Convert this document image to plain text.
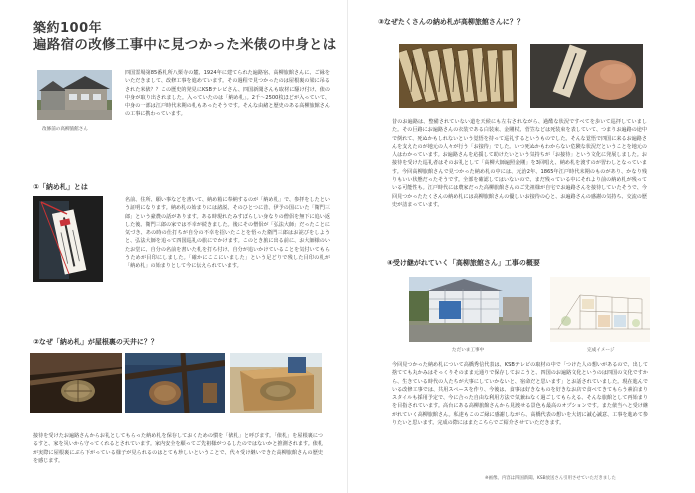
築約100年
遍路宿の改修工事中に見つかった米俵の中身とは
改修前の高柳旅館さん
四国霊場第85番札所八栗寺の麓、1924年に建てられた遍路宿、高柳旅館さんに、ご縁をいただきまして、改修工事を進めています。その過程で見つかったのは屋根裏の梁に吊るされた米俵？？この歴史的発見にKSBテレビさん、四国新聞さんも取材に駆け付け、俵の中身が取り出されました。入っていたのは「納め札」。2千〜2500枚ほどが入っていて、中身の一部は江戸時代末期の札もあったそうです。そんな由緒と歴史のある高柳旅館さんの工事に携わっています。
①「納め札」とは
名前、住所、願い事などを書いて、納め箱に奉納するのが「納め札」で、参拝をしたという証明になります。納め札の始まりには諸説、そのひとつに昔、伊予の国にいた「衛門三郎」という豪農の話があります。ある時現れたみすぼらしい身なりの僧侶を無下に追い返した後、衛門三郎の家では不幸が続きました。後にその僧侶が「弘法大師」だったことに気づき、あの時の仕打ちが自分の不幸を招いたことを悟った衛門三郎はお詫びをしようと、弘法大師を追って四国巡礼の旅にでかけます。このとき旅に出る前に、お大師様のいたお堂に、自分の名前を書いた札を打ち付け、自分が追いかけていることを気付いてもらうためが目印にしました。「確かにここにいました」という足どりで残した目印の札が「納め札」の始まりとして今に伝えられています。
②なぜ「納め札」が屋根裏の天井に？？
接待を受けたお遍路さんからお礼としてもらった納め札を保存しておくための慣を「俵札」と呼びます。「俵札」を屋根裏につるすと、家を災いから守ってくれるとされています。家内安全を願ってご先祖様がつるしたのではないかと推測されます。俵札が実際に屋根裏にぶら下がっている様子が見られるのはとても珍しいということで、代々受け継いできた高柳旅館さんの歴史を感じます。
③なぜたくさんの納め札が高柳旅館さんに？？
昔のお遍路は、整備されていない道を天候にも左右されながら、過酷な状況ですべてを歩いて巡拝していました。その巨路にお遍路さんの衣装である白装束、金剛杖、菅笠などは死装束を表していて、つまりお遍路の途中で倒れて、死ぬかもしれないという覚悟を持って巡礼するというものでした。そんな覚悟で四国に来るお遍路さんを支えたのが地元の人々が行う「お接待」でした。いつ死ぬかもわからない危険な状況だということを地元の人はわかっています。お遍路さんを応援して助けたいという気持ちが「お接待」という文化に発展しました。お接待を受けた巡礼者はそのお礼として「高柳大師遍照金剛」を3回唱え、納め札を渡すのが習わしとなっています。今回高柳旅館さんで見つかった納め札の中には、元治2年、1865年江戸時代末期のものがあり、かなり残りもいい状態だったそうです。全部を確認してはいないので、まだ残っている中にそれより前の納め札が残っている可能性も。江戸時代には農家だった高柳旅館さんのご先祖様が自宅でお遍路さんを接待していたそうで、今回見つかったたくさんの納め札には高柳旅館さんの優しいお接待の心と、お遍路さんの感謝の気持ち、交流の歴史が詰まっています。
④受け継がれていく「高柳旅館さん」工事の概要
ただいま工事中	完成イメージ
今回見つかった納め札について高橋秀信代表は、KSBテレビの取材の中で「つけた人の想いがあるので、出して捨てても丸かみはそっくりそのまま元通りで保存しておこうと、四国のお遍路文化というのは四国の文化ですから、生きている時代の人たちが大事にしていかないと、宿命だと思います」とお話されていました。現在進んでいる改修工事では、共用スペースを作り、今後は、食事は好きなものを好きなお店で食べてきてもらう素泊まりスタイルも採用予定で、今に合った自由な利用方法で気兼ねなく過ごしてもらえる、そんな旅館として再始まりを目指されています。高台にある高柳旅館さんから見渡せる景色も最高のオプションです。また俵当へと受け継がれていく高柳旅館さん。私達もこのご縁に感謝しながら、高橋代表の想いを大切に誠心誠意、工事を進めて参りたいと思います。完成の際にはまたこちらでご紹介させていただきます。
※画像、内容は四国新聞、KSB放送さん引用させていただきました
